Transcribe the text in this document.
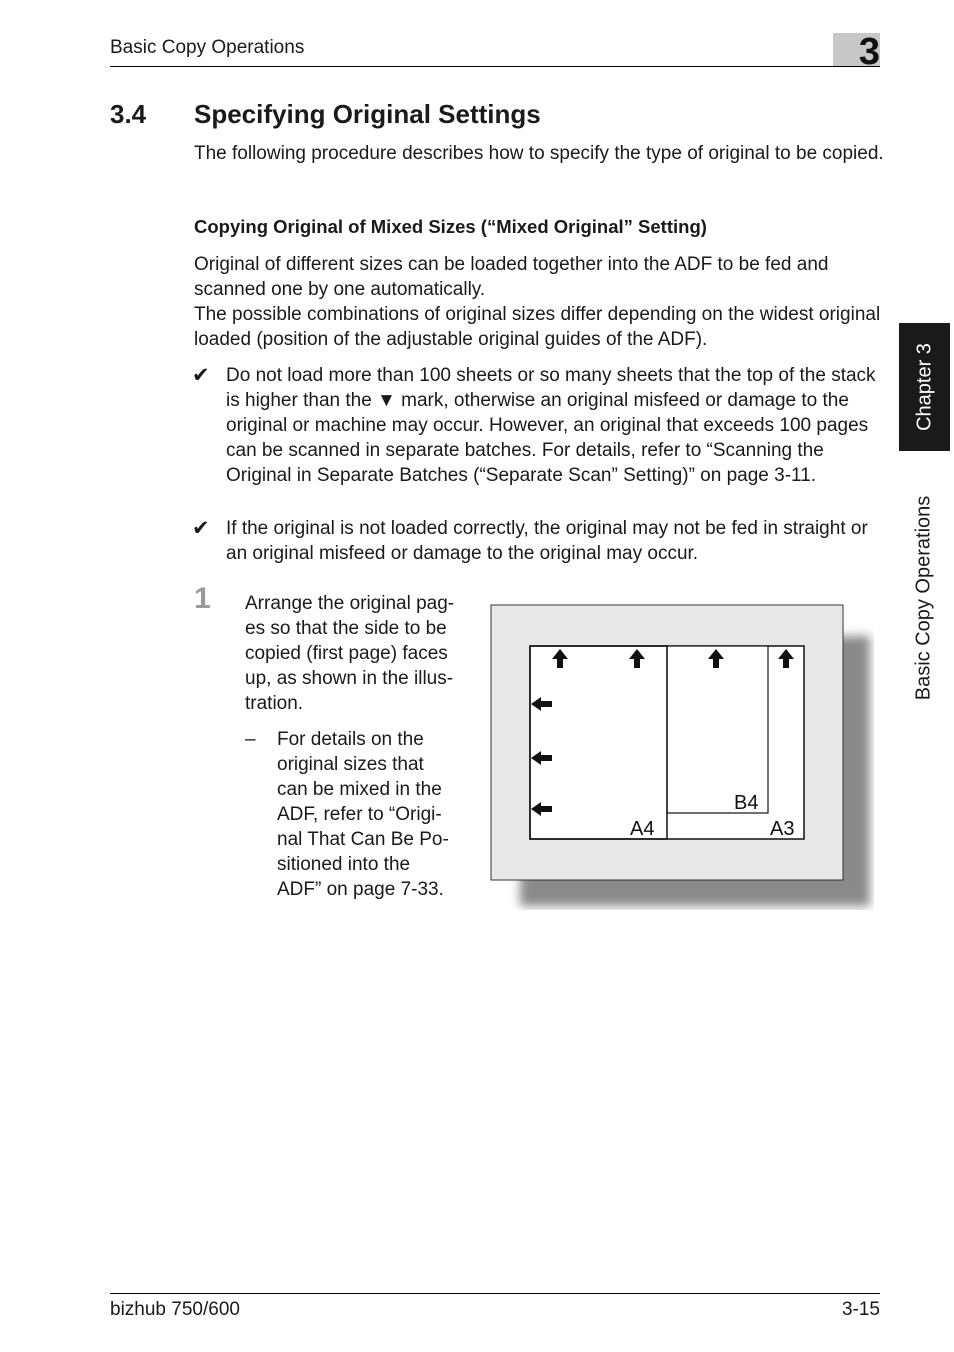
Basic Copy Operations	3
Chapter 3
Basic Copy Operations
3.4 Specifying Original Settings
The following procedure describes how to specify the type of original to be copied.
Copying Original of Mixed Sizes (“Mixed Original” Setting)
Original of different sizes can be loaded together into the ADF to be fed and scanned one by one automatically.
The possible combinations of original sizes differ depending on the widest original loaded (position of the adjustable original guides of the ADF).
✔ Do not load more than 100 sheets or so many sheets that the top of the stack is higher than the ▼ mark, otherwise an original misfeed or damage to the original or machine may occur. However, an original that exceeds 100 pages can be scanned in separate batches. For details, refer to “Scanning the Original in Separate Batches (“Separate Scan” Setting)” on page 3-11.
✔ If the original is not loaded correctly, the original may not be fed in straight or an original misfeed or damage to the original may occur.
1 Arrange the original pag-
es so that the side to be
copied (first page) faces
up, as shown in the illus-
tration.
– For details on the
original sizes that
can be mixed in the
ADF, refer to “Origi-
nal That Can Be Po-
sitioned into the
ADF” on page 7-33.
A4
B4
A3
bizhub 750/600	3-15
